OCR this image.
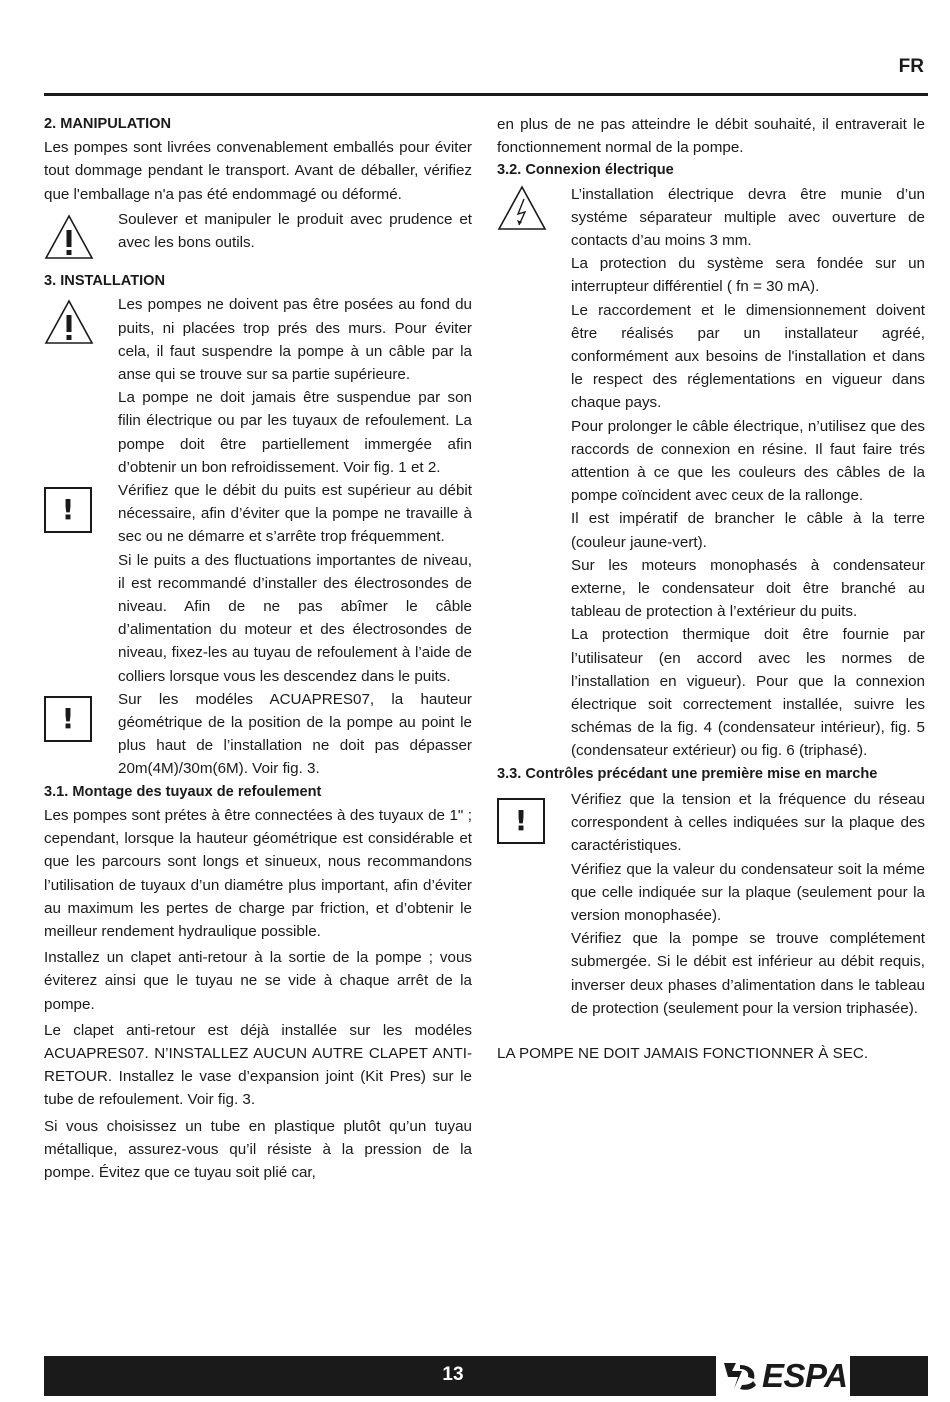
FR
2. MANIPULATION

Les pompes sont livrées convenablement emballés pour éviter tout dommage pendant le transport. Avant de déballer, vérifiez que l'emballage n'a pas été endommagé ou déformé.

Soulever et manipuler le produit avec prudence et avec les bons outils.

3. INSTALLATION

Les pompes ne doivent pas être posées au fond du puits, ni placées trop prés des murs. Pour éviter cela, il faut suspendre la pompe à un câble par la anse qui se trouve sur sa partie supérieure.

La pompe ne doit jamais être suspendue par son filin électrique ou par les tuyaux de refoulement. La pompe doit être partiellement immergée afin d’obtenir un bon refroidissement. Voir fig. 1 et 2.

!

Vérifiez que le débit du puits est supérieur au débit nécessaire, afin d’éviter que la pompe ne travaille à sec ou ne démarre et s’arrête trop fréquemment.

Si le puits a des fluctuations importantes de niveau, il est recommandé d’installer des électrosondes de niveau. Afin de ne pas abîmer le câble d’alimentation du moteur et des électrosondes de niveau, fixez-les au tuyau de refoulement à l’aide de colliers lorsque vous les descendez dans le puits.

!

Sur les modéles ACUAPRES07, la hauteur géométrique de la position de la pompe au point le plus haut de l’installation ne doit pas dépasser 20m(4M)/30m(6M). Voir fig. 3.

3.1. Montage des tuyaux de refoulement

Les pompes sont prétes à être connectées à des tuyaux de 1" ; cependant, lorsque la hauteur géométrique est considérable et que les parcours sont longs et sinueux, nous recommandons l’utilisation de tuyaux d’un diamétre plus important, afin d’éviter au maximum les pertes de charge par friction, et d’obtenir le meilleur rendement hydraulique possible.

Installez un clapet anti-retour à la sortie de la pompe ; vous éviterez ainsi que le tuyau ne se vide à chaque arrêt de la pompe.

Le clapet anti-retour est déjà installée sur les modéles ACUAPRES07. N’INSTALLEZ AUCUN AUTRE CLAPET ANTI-RETOUR. Installez le vase d’expansion joint (Kit Pres) sur le tube de refoulement. Voir fig. 3.

Si vous choisissez un tube en plastique plutôt qu’un tuyau métallique, assurez-vous qu’il résiste à la pression de la pompe. Évitez que ce tuyau soit plié car,

en plus de ne pas atteindre le débit souhaité, il entraverait le fonctionnement normal de la pompe.

3.2. Connexion électrique

L’installation électrique devra être munie d’un systéme séparateur multiple avec ouverture de contacts d’au moins 3 mm.

La protection du système sera fondée sur un interrupteur différentiel ( fn = 30 mA).

Le raccordement et le dimensionnement doivent être réalisés par un installateur agréé, conformément aux besoins de l'installation et dans le respect des réglementations en vigueur dans chaque pays.

Pour prolonger le câble électrique, n’utilisez que des raccords de connexion en résine. Il faut faire trés attention à ce que les couleurs des câbles de la pompe coïncident avec ceux de la rallonge.

Il est impératif de brancher le câble à la terre (couleur jaune-vert).

Sur les moteurs monophasés à condensateur externe, le condensateur doit être branché au tableau de protection à l’extérieur du puits.

La protection thermique doit être fournie par l’utilisateur (en accord avec les normes de l’installation en vigueur). Pour que la connexion électrique soit correctement installée, suivre les schémas de la fig. 4 (condensateur intérieur), fig. 5 (condensateur extérieur) ou fig. 6 (triphasé).

3.3. Contrôles précédant une première mise en marche
!

Vérifiez que la tension et la fréquence du réseau correspondent à celles indiquées sur la plaque des caractéristiques.

Vérifiez que la valeur du condensateur soit la méme que celle indiquée sur la plaque (seulement pour la version monophasée).

Vérifiez que la pompe se trouve complétement submergée. Si le débit est inférieur au débit requis, inverser deux phases d’alimentation dans le tableau de protection (seulement pour la version triphasée).

LA POMPE NE DOIT JAMAIS FONCTIONNER À SEC.

13	ESPA
